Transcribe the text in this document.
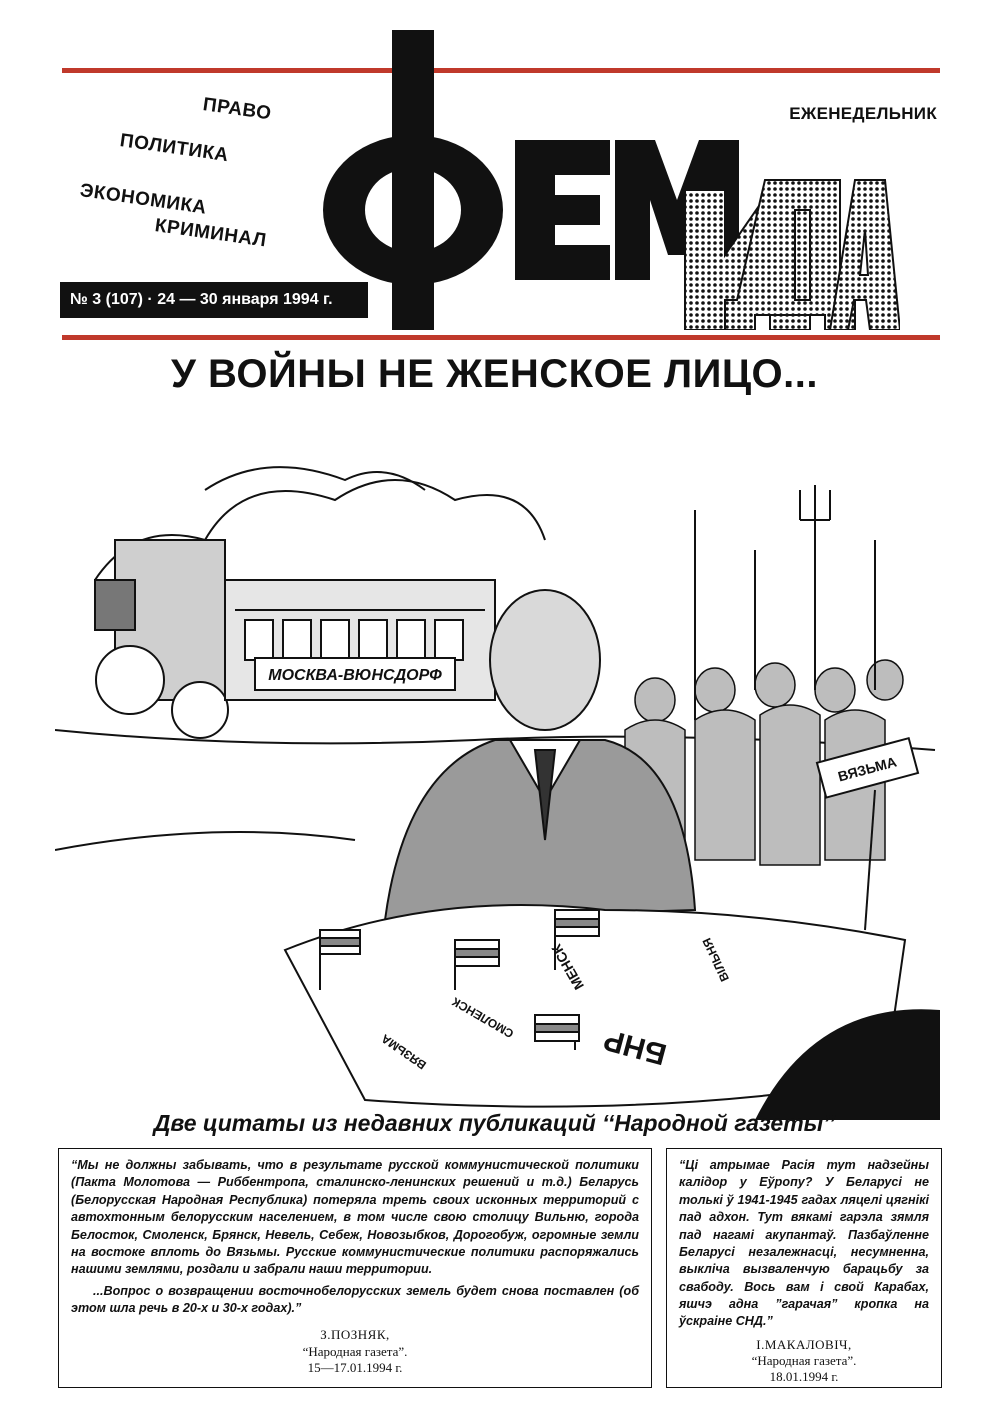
ПРАВО
ПОЛИТИКА
ЭКОНОМИКА
КРИМИНАЛ
№ 3 (107) · 24 — 30 января 1994 г.
ЕЖЕНЕДЕЛЬНИК
У ВОЙНЫ НЕ ЖЕНСКОЕ ЛИЦО...
МОСКВА-ВЮНСДОРФ
ВЯЗЬМА
БНР
МЕНСК
СМОЛЕНСК
ВЯЗЬМА
ВІЛЬНЯ
Две цитаты из недавних публикаций ‘‘Народной газеты’’

“Мы не должны забывать, что в результате русской коммунистической политики (Пакта Молотова — Риббентропа, сталинско-ленинских решений и т.д.) Беларусь (Белорусская Народная Республика) потеряла треть своих исконных территорий с автохтонным белорусским населением, в том числе свою столицу Вильню, города Белосток, Смоленск, Брянск, Невель, Себеж, Новозыбков, Дорогобуж, огромные земли на востоке вплоть до Вязьмы. Русские коммунистические политики распоряжались нашими землями, роздали и забрали наши территории.

...Вопрос о возвращении восточнобелорусских земель будет снова поставлен (об этом шла речь в 20-х и 30-х годах).”

З.ПОЗНЯК,
“Народная газета”.
15—17.01.1994 г.

“Ці атрымае Расія тут надзейны калідор у Еўропу? У Беларусі не толькі ў 1941-1945 гадах ляцелі цягнікі пад адхон. Тут вякамі гарэла зямля пад нагамі акупантаў. Пазбаўленне Беларусі незалежнасці, несумненна, выкліча вызваленчую барацьбу за свабоду. Вось вам і свой Карабах, яшчэ адна ”гарачая” кропка на ўскраіне СНД.”

І.МАКАЛОВІЧ,
“Народная газета”.
18.01.1994 г.
